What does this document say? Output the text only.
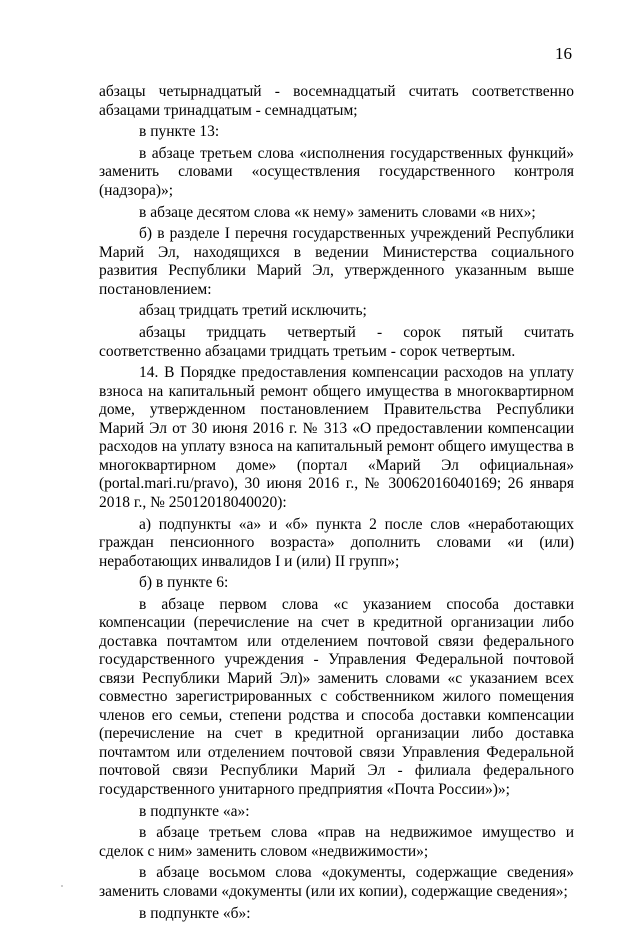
16

абзацы четырнадцатый - восемнадцатый считать соответственно абзацами тринадцатым - семнадцатым;

в пункте 13:

в абзаце третьем слова «исполнения государственных функций» заменить словами «осуществления государственного контроля (надзора)»;

в абзаце десятом слова «к нему» заменить словами «в них»;

б) в разделе I перечня государственных учреждений Республики Марий Эл, находящихся в ведении Министерства социального развития Республики Марий Эл, утвержденного указанным выше постановлением:

абзац тридцать третий исключить;

абзацы тридцать четвертый - сорок пятый считать соответственно абзацами тридцать третьим - сорок четвертым.

14. В Порядке предоставления компенсации расходов на уплату взноса на капитальный ремонт общего имущества в многоквартирном доме, утвержденном постановлением Правительства Республики Марий Эл от 30 июня 2016 г. № 313 «О предоставлении компенсации расходов на уплату взноса на капитальный ремонт общего имущества в многоквартирном доме» (портал «Марий Эл официальная» (portal.mari.ru/pravo), 30 июня 2016 г., № 30062016040169; 26 января 2018 г., № 25012018040020):

а) подпункты «а» и «б» пункта 2 после слов «неработающих граждан пенсионного возраста» дополнить словами «и (или) неработающих инвалидов I и (или) II групп»;

б) в пункте 6:

в абзаце первом слова «с указанием способа доставки компенсации (перечисление на счет в кредитной организации либо доставка почтамтом или отделением почтовой связи федерального государственного учреждения - Управления Федеральной почтовой связи Республики Марий Эл)» заменить словами «с указанием всех совместно зарегистрированных с собственником жилого помещения членов его семьи, степени родства и способа доставки компенсации (перечисление на счет в кредитной организации либо доставка почтамтом или отделением почтовой связи Управления Федеральной почтовой связи Республики Марий Эл - филиала федерального государственного унитарного предприятия «Почта России»)»;

в подпункте «а»:

в абзаце третьем слова «прав на недвижимое имущество и сделок с ним» заменить словом «недвижимости»;

в абзаце восьмом слова «документы, содержащие сведения» заменить словами «документы (или их копии), содержащие сведения»;

в подпункте «б»:
